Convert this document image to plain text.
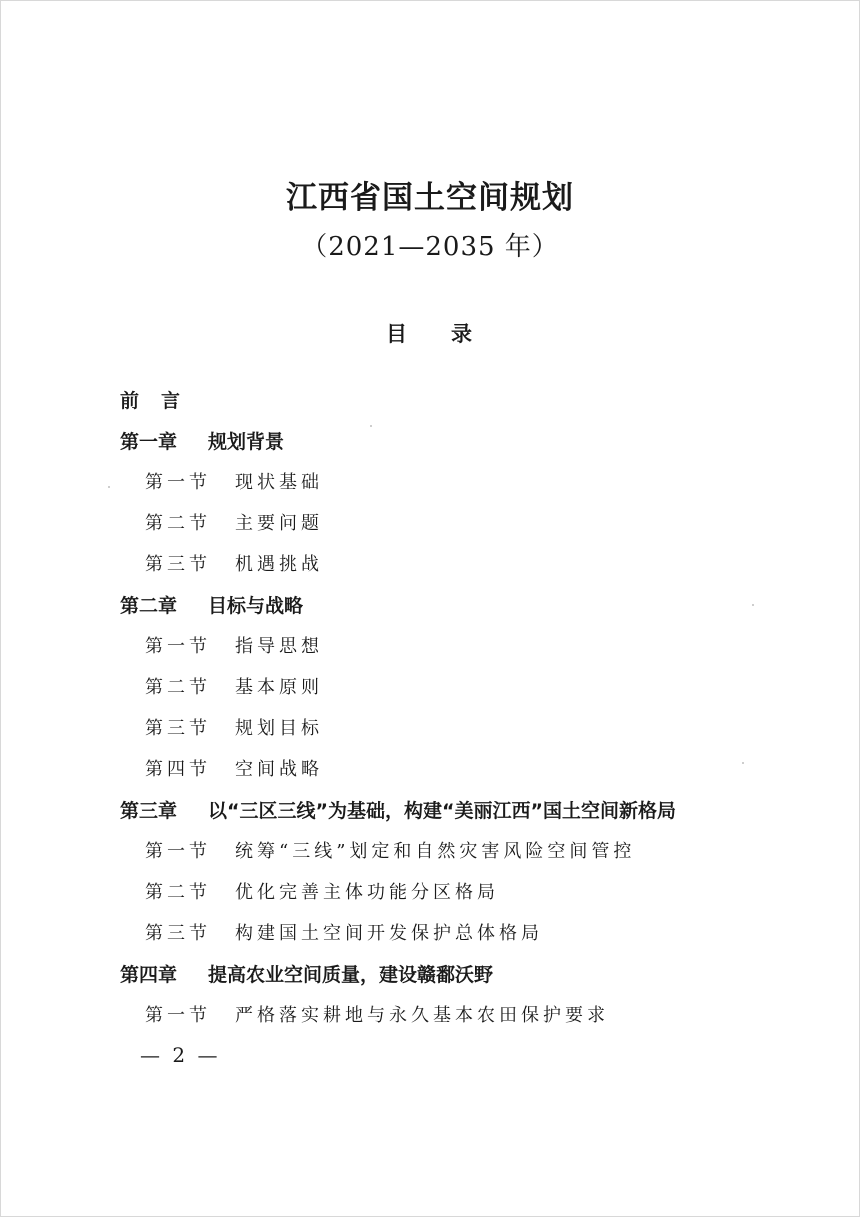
江西省国土空间规划
（2021—2035 年）
目 录
前言
第一章 规划背景
第一节 现状基础
第二节 主要问题
第三节 机遇挑战
第二章 目标与战略
第一节 指导思想
第二节 基本原则
第三节 规划目标
第四节 空间战略
第三章 以“三区三线”为基础，构建“美丽江西”国土空间新格局
第一节 统筹“三线”划定和自然灾害风险空间管控
第二节 优化完善主体功能分区格局
第三节 构建国土空间开发保护总体格局
第四章 提高农业空间质量，建设赣鄱沃野
第一节 严格落实耕地与永久基本农田保护要求
— 2 —
